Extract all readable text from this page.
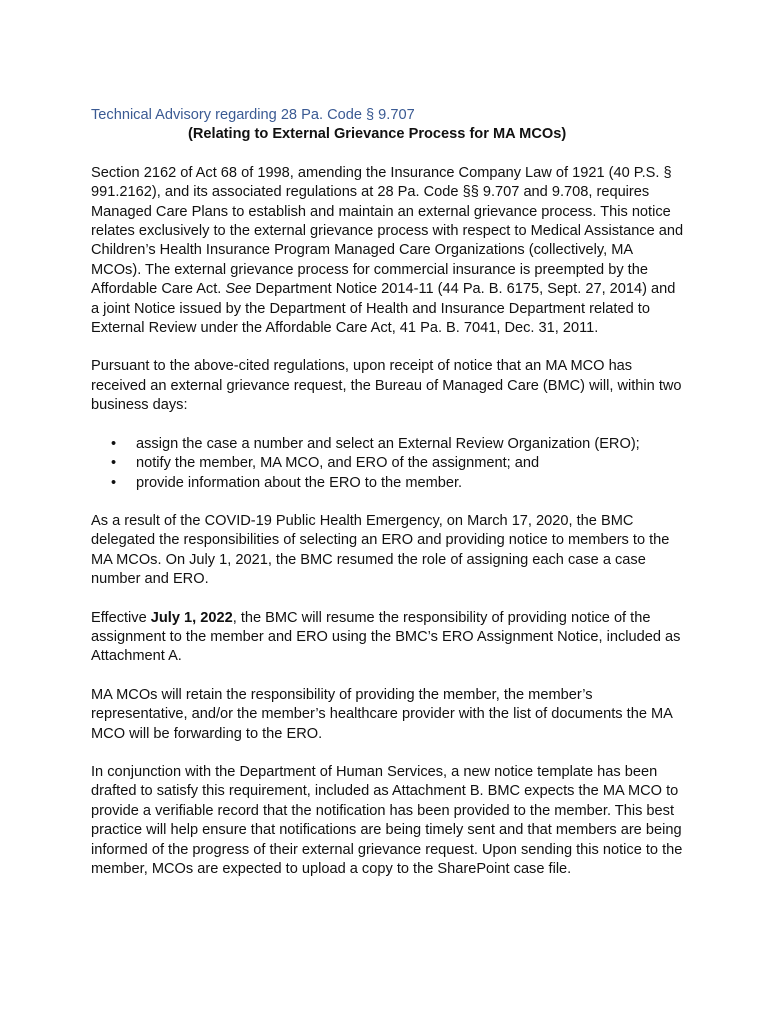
Technical Advisory regarding 28 Pa. Code § 9.707

(Relating to External Grievance Process for MA MCOs)

Section 2162 of Act 68 of 1998, amending the Insurance Company Law of 1921 (40 P.S. § 991.2162), and its associated regulations at 28 Pa. Code §§ 9.707 and 9.708, requires Managed Care Plans to establish and maintain an external grievance process. This notice relates exclusively to the external grievance process with respect to Medical Assistance and Children’s Health Insurance Program Managed Care Organizations (collectively, MA MCOs). The external grievance process for commercial insurance is preempted by the Affordable Care Act. See Department Notice 2014-11 (44 Pa. B. 6175, Sept. 27, 2014) and a joint Notice issued by the Department of Health and Insurance Department related to External Review under the Affordable Care Act, 41 Pa. B. 7041, Dec. 31, 2011.

Pursuant to the above-cited regulations, upon receipt of notice that an MA MCO has received an external grievance request, the Bureau of Managed Care (BMC) will, within two business days:

• assign the case a number and select an External Review Organization (ERO);
• notify the member, MA MCO, and ERO of the assignment; and
• provide information about the ERO to the member.

As a result of the COVID-19 Public Health Emergency, on March 17, 2020, the BMC delegated the responsibilities of selecting an ERO and providing notice to members to the MA MCOs. On July 1, 2021, the BMC resumed the role of assigning each case a case number and ERO.

Effective July 1, 2022, the BMC will resume the responsibility of providing notice of the assignment to the member and ERO using the BMC’s ERO Assignment Notice, included as Attachment A.

MA MCOs will retain the responsibility of providing the member, the member’s representative, and/or the member’s healthcare provider with the list of documents the MA MCO will be forwarding to the ERO.

In conjunction with the Department of Human Services, a new notice template has been drafted to satisfy this requirement, included as Attachment B. BMC expects the MA MCO to provide a verifiable record that the notification has been provided to the member. This best practice will help ensure that notifications are being timely sent and that members are being informed of the progress of their external grievance request. Upon sending this notice to the member, MCOs are expected to upload a copy to the SharePoint case file.
